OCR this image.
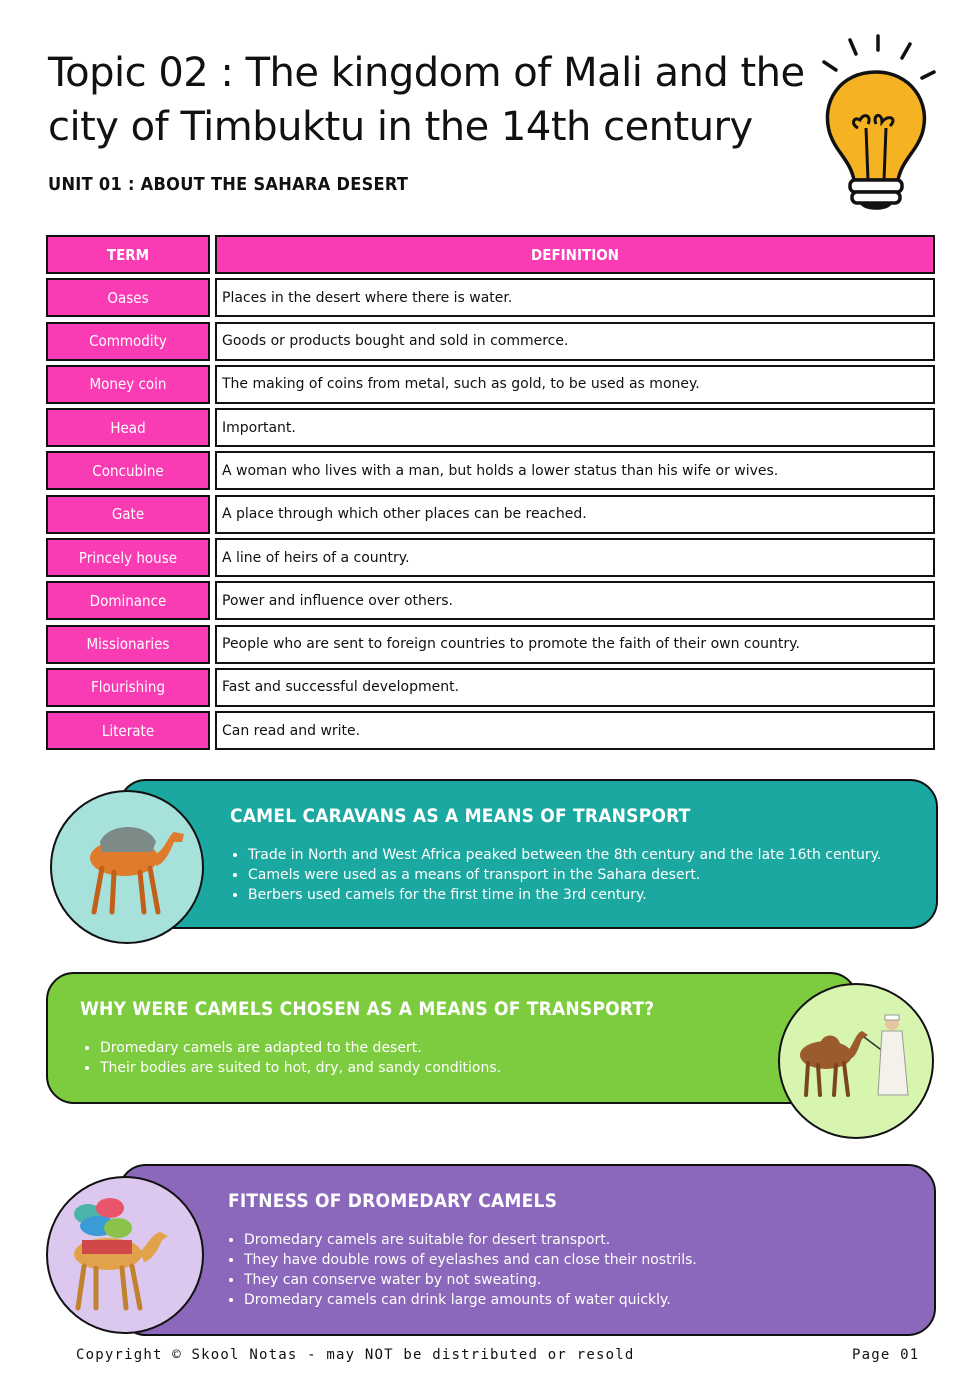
Topic 02 : The kingdom of Mali and the
city of Timbuktu in the 14th century
UNIT 01 : ABOUT THE SAHARA DESERT
TERM	DEFINITION
Oases	Places in the desert where there is water.
Commodity	Goods or products bought and sold in commerce.
Money coin	The making of coins from metal, such as gold, to be used as money.
Head	Important.
Concubine	A woman who lives with a man, but holds a lower status than his wife or wives.
Gate	A place through which other places can be reached.
Princely house	A line of heirs of a country.
Dominance	Power and influence over others.
Missionaries	People who are sent to foreign countries to promote the faith of their own country.
Flourishing	Fast and successful development.
Literate	Can read and write.
CAMEL CARAVANS AS A MEANS OF TRANSPORT
• Trade in North and West Africa peaked between the 8th century and the late 16th century.
• Camels were used as a means of transport in the Sahara desert.
• Berbers used camels for the first time in the 3rd century.
WHY WERE CAMELS CHOSEN AS A MEANS OF TRANSPORT?
• Dromedary camels are adapted to the desert.
• Their bodies are suited to hot, dry, and sandy conditions.
FITNESS OF DROMEDARY CAMELS
• Dromedary camels are suitable for desert transport.
• They have double rows of eyelashes and can close their nostrils.
• They can conserve water by not sweating.
• Dromedary camels can drink large amounts of water quickly.
Copyright © Skool Notas - may NOT be distributed or resold	Page 01
